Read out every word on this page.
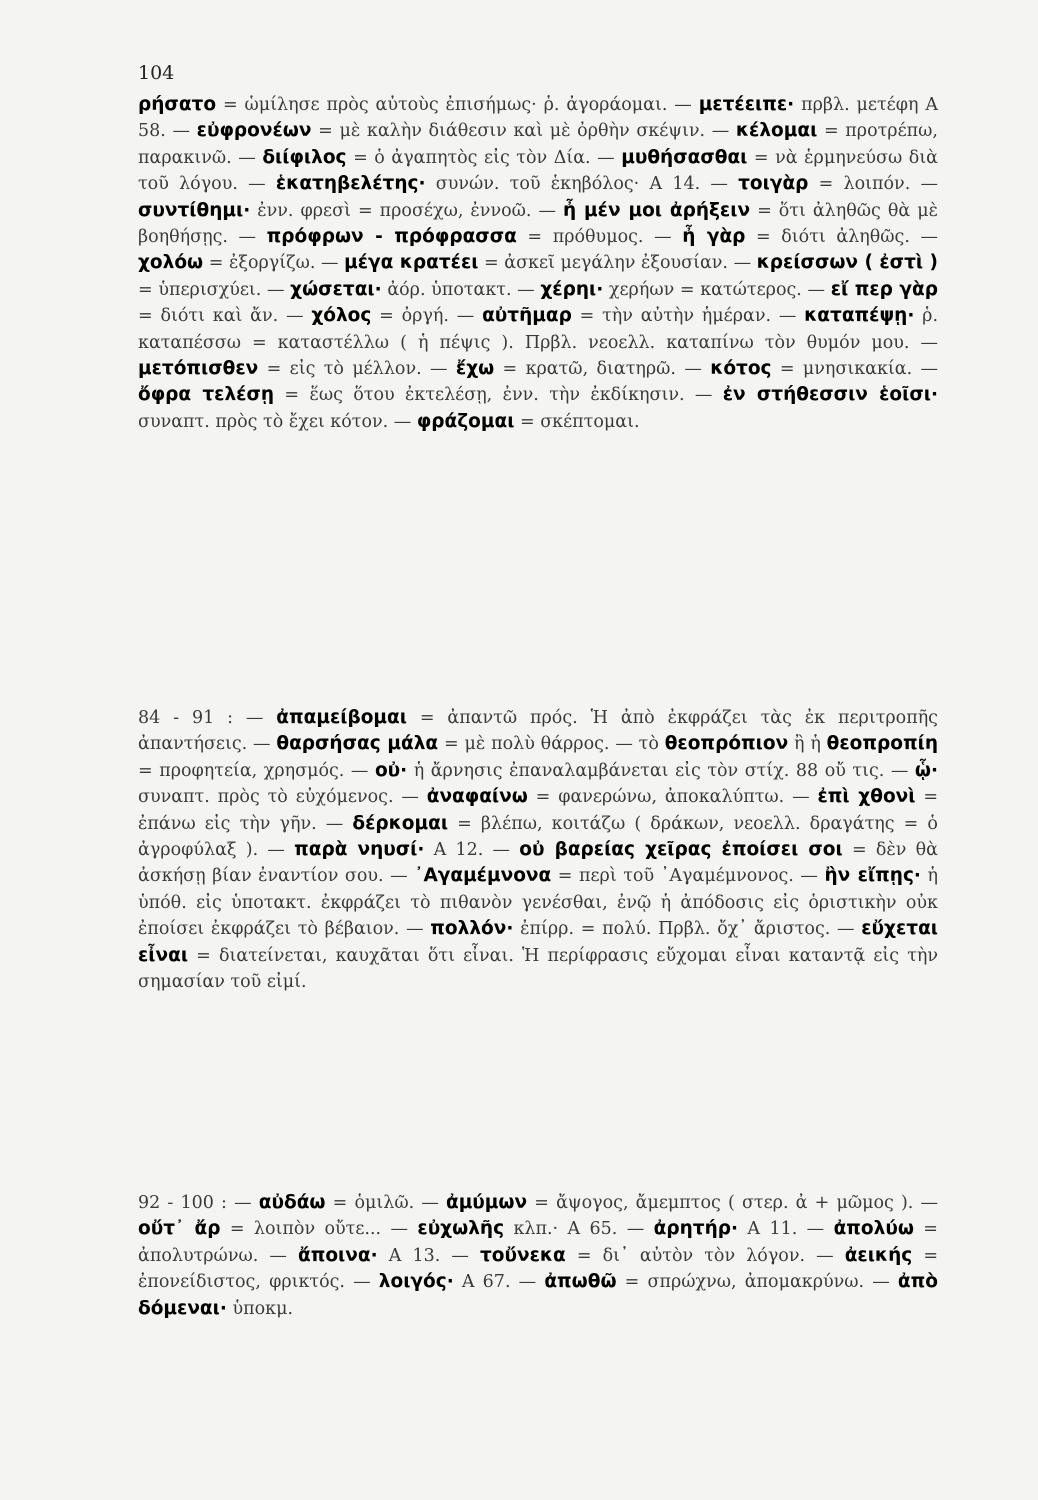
104
ρήσατο = ὡμίλησε πρὸς αὐτοὺς ἐπισήμως· ῥ. ἀγοράομαι. — μετέειπε· πρβλ. μετέφη Α 58. — εὐφρονέων = μὲ καλὴν διάθεσιν καὶ μὲ ὀρθὴν σκέψιν. — κέλομαι = προτρέπω, παρακινῶ. — διίφιλος = ὁ ἀγαπητὸς εἰς τὸν Δία. — μυθήσασθαι = νὰ ἑρμηνεύσω διὰ τοῦ λόγου. — ἑκατηβελέτης· συνών. τοῦ ἑκηβόλος· Α 14. — τοιγὰρ = λοιπόν. — συντίθημι· ἐνν. φρεσὶ = προσέχω, ἐννοῶ. — ἦ μέν μοι ἀρήξειν = ὅτι ἀληθῶς θὰ μὲ βοηθήσῃς. — πρόφρων - πρόφρασσα = πρόθυμος. — ἦ γὰρ = διότι ἀληθῶς. — χολόω = ἐξοργίζω. — μέγα κρατέει = ἀσκεῖ μεγάλην ἐξουσίαν. — κρείσσων ( ἐστὶ ) = ὑπερισχύει. — χώσεται· ἀόρ. ὑποτακτ. — χέρηι· χερήων = κατώτερος. — εἴ περ γὰρ = διότι καὶ ἄν. — χόλος = ὀργή. — αὐτῆμαρ = τὴν αὐτὴν ἡμέραν. — καταπέψῃ· ῥ. καταπέσσω = καταστέλλω ( ἡ πέψις ). Πρβλ. νεοελλ. καταπίνω τὸν θυμόν μου. — μετόπισθεν = εἰς τὸ μέλλον. — ἔχω = κρατῶ, διατηρῶ. — κότος = μνησικακία. — ὄφρα τελέσῃ = ἕως ὅτου ἐκτελέσῃ, ἐνν. τὴν ἐκδίκησιν. — ἐν στήθεσσιν ἑοῖσι· συναπτ. πρὸς τὸ ἔχει κότον. — φράζομαι = σκέπτομαι.
84 - 91 : — ἀπαμείβομαι = ἀπαντῶ πρός. Ἡ ἀπὸ ἐκφράζει τὰς ἐκ περιτροπῆς ἀπαντήσεις. — θαρσήσας μάλα = μὲ πολὺ θάρρος. — τὸ θεοπρόπιον ἢ ἡ θεοπροπίη = προφητεία, χρησμός. — οὐ· ἡ ἄρνησις ἐπαναλαμβάνεται εἰς τὸν στίχ. 88 οὔ τις. — ᾧ· συναπτ. πρὸς τὸ εὐχόμενος. — ἀναφαίνω = φανερώνω, ἀποκαλύπτω. — ἐπὶ χθονὶ = ἐπάνω εἰς τὴν γῆν. — δέρκομαι = βλέπω, κοιτάζω ( δράκων, νεοελλ. δραγάτης = ὁ ἀγροφύλαξ ). — παρὰ νηυσί· Α 12. — οὐ βαρείας χεῖρας ἐποίσει σοι = δὲν θὰ ἀσκήσῃ βίαν ἐναντίον σου. — ᾿Αγαμέμνονα = περὶ τοῦ ᾿Αγαμέμνονος. — ἢν εἴπῃς· ἡ ὑπόθ. εἰς ὑποτακτ. ἐκφράζει τὸ πιθανὸν γενέσθαι, ἐνῷ ἡ ἀπόδοσις εἰς ὁριστικὴν οὐκ ἐποίσει ἐκφράζει τὸ βέβαιον. — πολλόν· ἐπίρρ. = πολύ. Πρβλ. ὄχ᾿ ἄριστος. — εὔχεται εἶναι = διατείνεται, καυχᾶται ὅτι εἶναι. Ἡ περίφρασις εὔχομαι εἶναι καταντᾷ εἰς τὴν σημασίαν τοῦ εἰμί.
92 - 100 : — αὐδάω = ὁμιλῶ. — ἀμύμων = ἄψογος, ἄμεμπτος ( στερ. ἀ + μῶμος ). — οὔτ᾿ ἄρ = λοιπὸν οὔτε... — εὐχωλῆς κλπ.· Α 65. — ἀρητήρ· Α 11. — ἀπολύω = ἀπολυτρώνω. — ἄποινα· Α 13. — τοὔνεκα = δι᾿ αὐτὸν τὸν λόγον. — ἀεικής = ἐπονείδιστος, φρικτός. — λοιγός· Α 67. — ἀπωθῶ = σπρώχνω, ἀπομακρύνω. — ἀπὸ δόμεναι· ὑποκμ.
